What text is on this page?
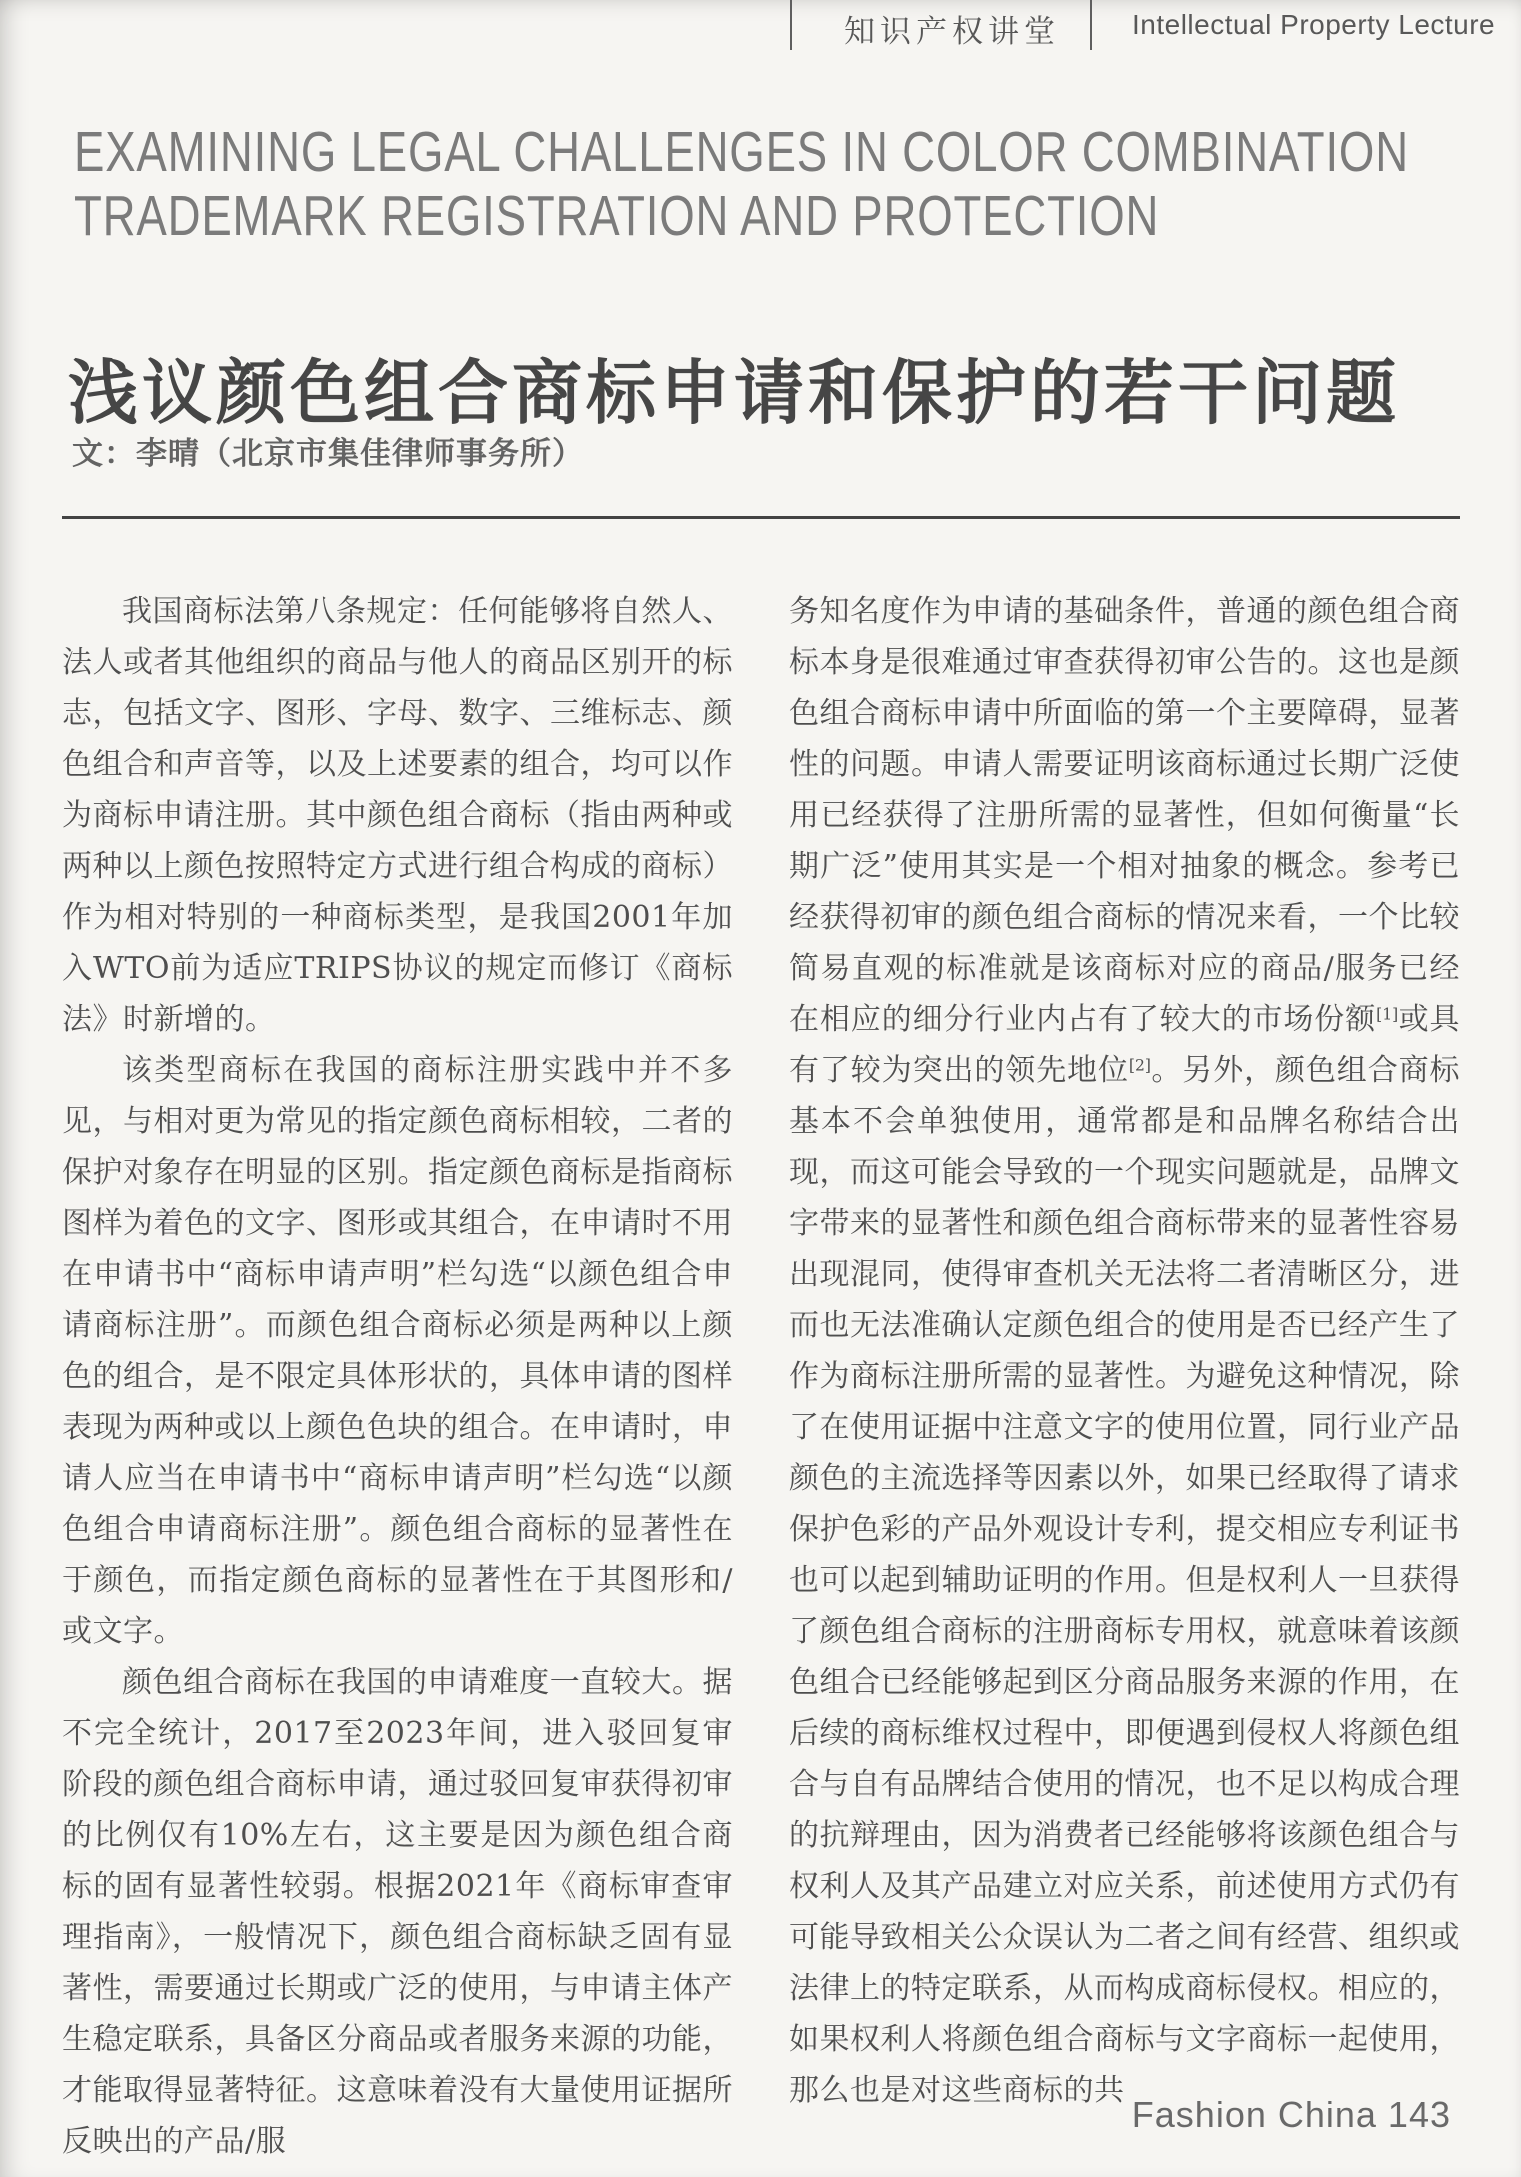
知识产权讲堂	Intellectual Property Lecture
EXAMINING LEGAL CHALLENGES IN COLOR COMBINATION
TRADEMARK REGISTRATION AND PROTECTION
浅议颜色组合商标申请和保护的若干问题
文：李晴（北京市集佳律师事务所）

我国商标法第八条规定：任何能够将自然人、法人或者其他组织的商品与他人的商品区别开的标志，包括文字、图形、字母、数字、三维标志、颜色组合和声音等，以及上述要素的组合，均可以作为商标申请注册。其中颜色组合商标（指由两种或两种以上颜色按照特定方式进行组合构成的商标）作为相对特别的一种商标类型，是我国2001年加入WTO前为适应TRIPS协议的规定而修订《商标法》时新增的。

该类型商标在我国的商标注册实践中并不多见，与相对更为常见的指定颜色商标相较，二者的保护对象存在明显的区别。指定颜色商标是指商标图样为着色的文字、图形或其组合，在申请时不用在申请书中“商标申请声明”栏勾选“以颜色组合申请商标注册”。而颜色组合商标必须是两种以上颜色的组合，是不限定具体形状的，具体申请的图样表现为两种或以上颜色色块的组合。在申请时，申请人应当在申请书中“商标申请声明”栏勾选“以颜色组合申请商标注册”。颜色组合商标的显著性在于颜色，而指定颜色商标的显著性在于其图形和/或文字。

颜色组合商标在我国的申请难度一直较大。据不完全统计，2017至2023年间，进入驳回复审阶段的颜色组合商标申请，通过驳回复审获得初审的比例仅有10%左右，这主要是因为颜色组合商标的固有显著性较弱。根据2021年《商标审查审理指南》，一般情况下，颜色组合商标缺乏固有显著性，需要通过长期或广泛的使用，与申请主体产生稳定联系，具备区分商品或者服务来源的功能，才能取得显著特征。这意味着没有大量使用证据所反映出的产品/服

务知名度作为申请的基础条件，普通的颜色组合商标本身是很难通过审查获得初审公告的。这也是颜色组合商标申请中所面临的第一个主要障碍，显著性的问题。申请人需要证明该商标通过长期广泛使用已经获得了注册所需的显著性，但如何衡量“长期广泛”使用其实是一个相对抽象的概念。参考已经获得初审的颜色组合商标的情况来看，一个比较简易直观的标准就是该商标对应的商品/服务已经在相应的细分行业内占有了较大的市场份额[1]或具有了较为突出的领先地位[2]。另外，颜色组合商标基本不会单独使用，通常都是和品牌名称结合出现，而这可能会导致的一个现实问题就是，品牌文字带来的显著性和颜色组合商标带来的显著性容易出现混同，使得审查机关无法将二者清晰区分，进而也无法准确认定颜色组合的使用是否已经产生了作为商标注册所需的显著性。为避免这种情况，除了在使用证据中注意文字的使用位置，同行业产品颜色的主流选择等因素以外，如果已经取得了请求保护色彩的产品外观设计专利，提交相应专利证书也可以起到辅助证明的作用。但是权利人一旦获得了颜色组合商标的注册商标专用权，就意味着该颜色组合已经能够起到区分商品服务来源的作用，在后续的商标维权过程中，即便遇到侵权人将颜色组合与自有品牌结合使用的情况，也不足以构成合理的抗辩理由，因为消费者已经能够将该颜色组合与权利人及其产品建立对应关系，前述使用方式仍有可能导致相关公众误认为二者之间有经营、组织或法律上的特定联系，从而构成商标侵权。相应的，如果权利人将颜色组合商标与文字商标一起使用，那么也是对这些商标的共

Fashion China 143
